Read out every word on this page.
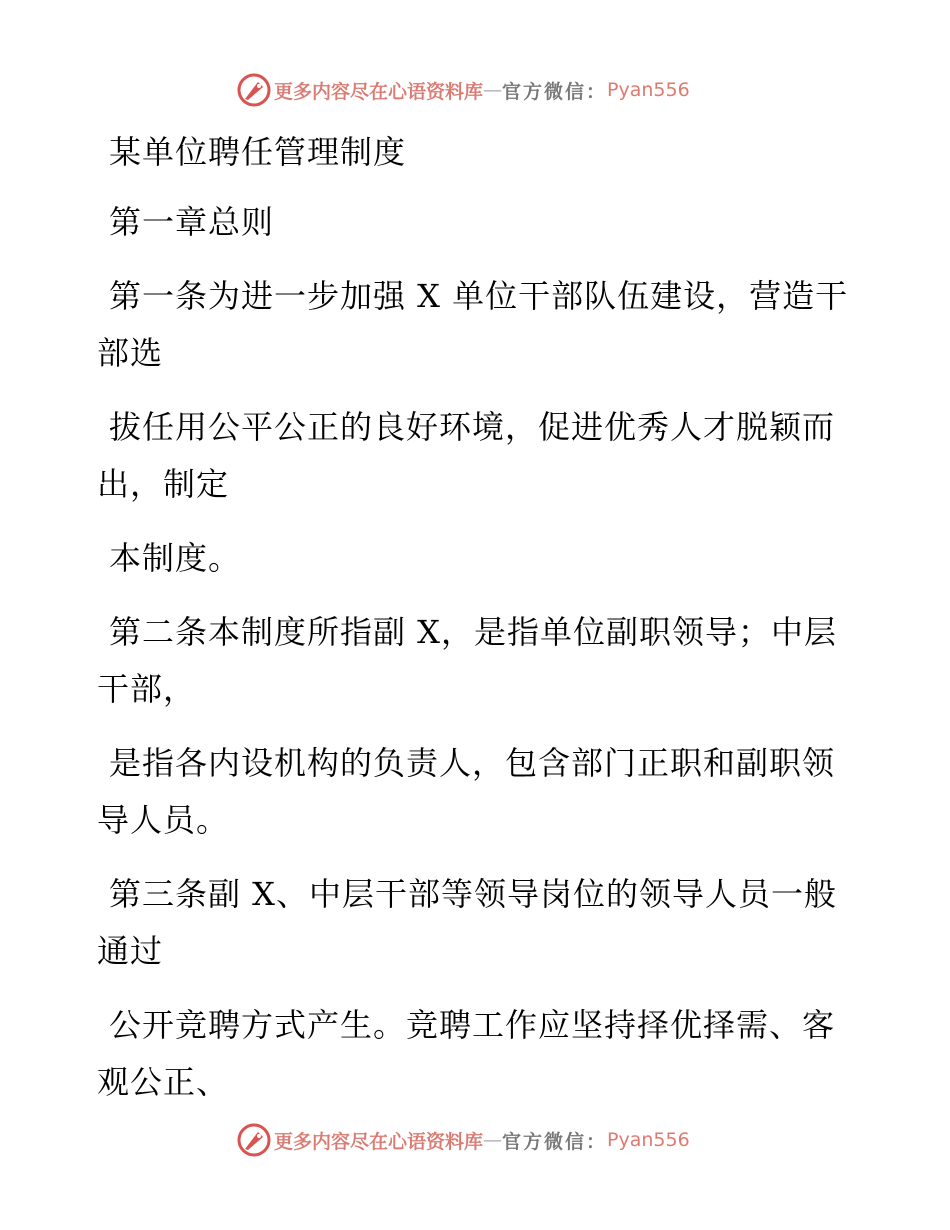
更多内容尽在心语资料库 — 官方微信： Pyan556

某单位聘任管理制度

第一章总则

第一条为进一步加强 X 单位干部队伍建设，营造干部选

拔任用公平公正的良好环境，促进优秀人才脱颖而出，制定

本制度。

第二条本制度所指副 X，是指单位副职领导；中层干部，

是指各内设机构的负责人，包含部门正职和副职领导人员。

第三条副 X、中层干部等领导岗位的领导人员一般通过

公开竞聘方式产生。竞聘工作应坚持择优择需、客观公正、

更多内容尽在心语资料库 — 官方微信： Pyan556
